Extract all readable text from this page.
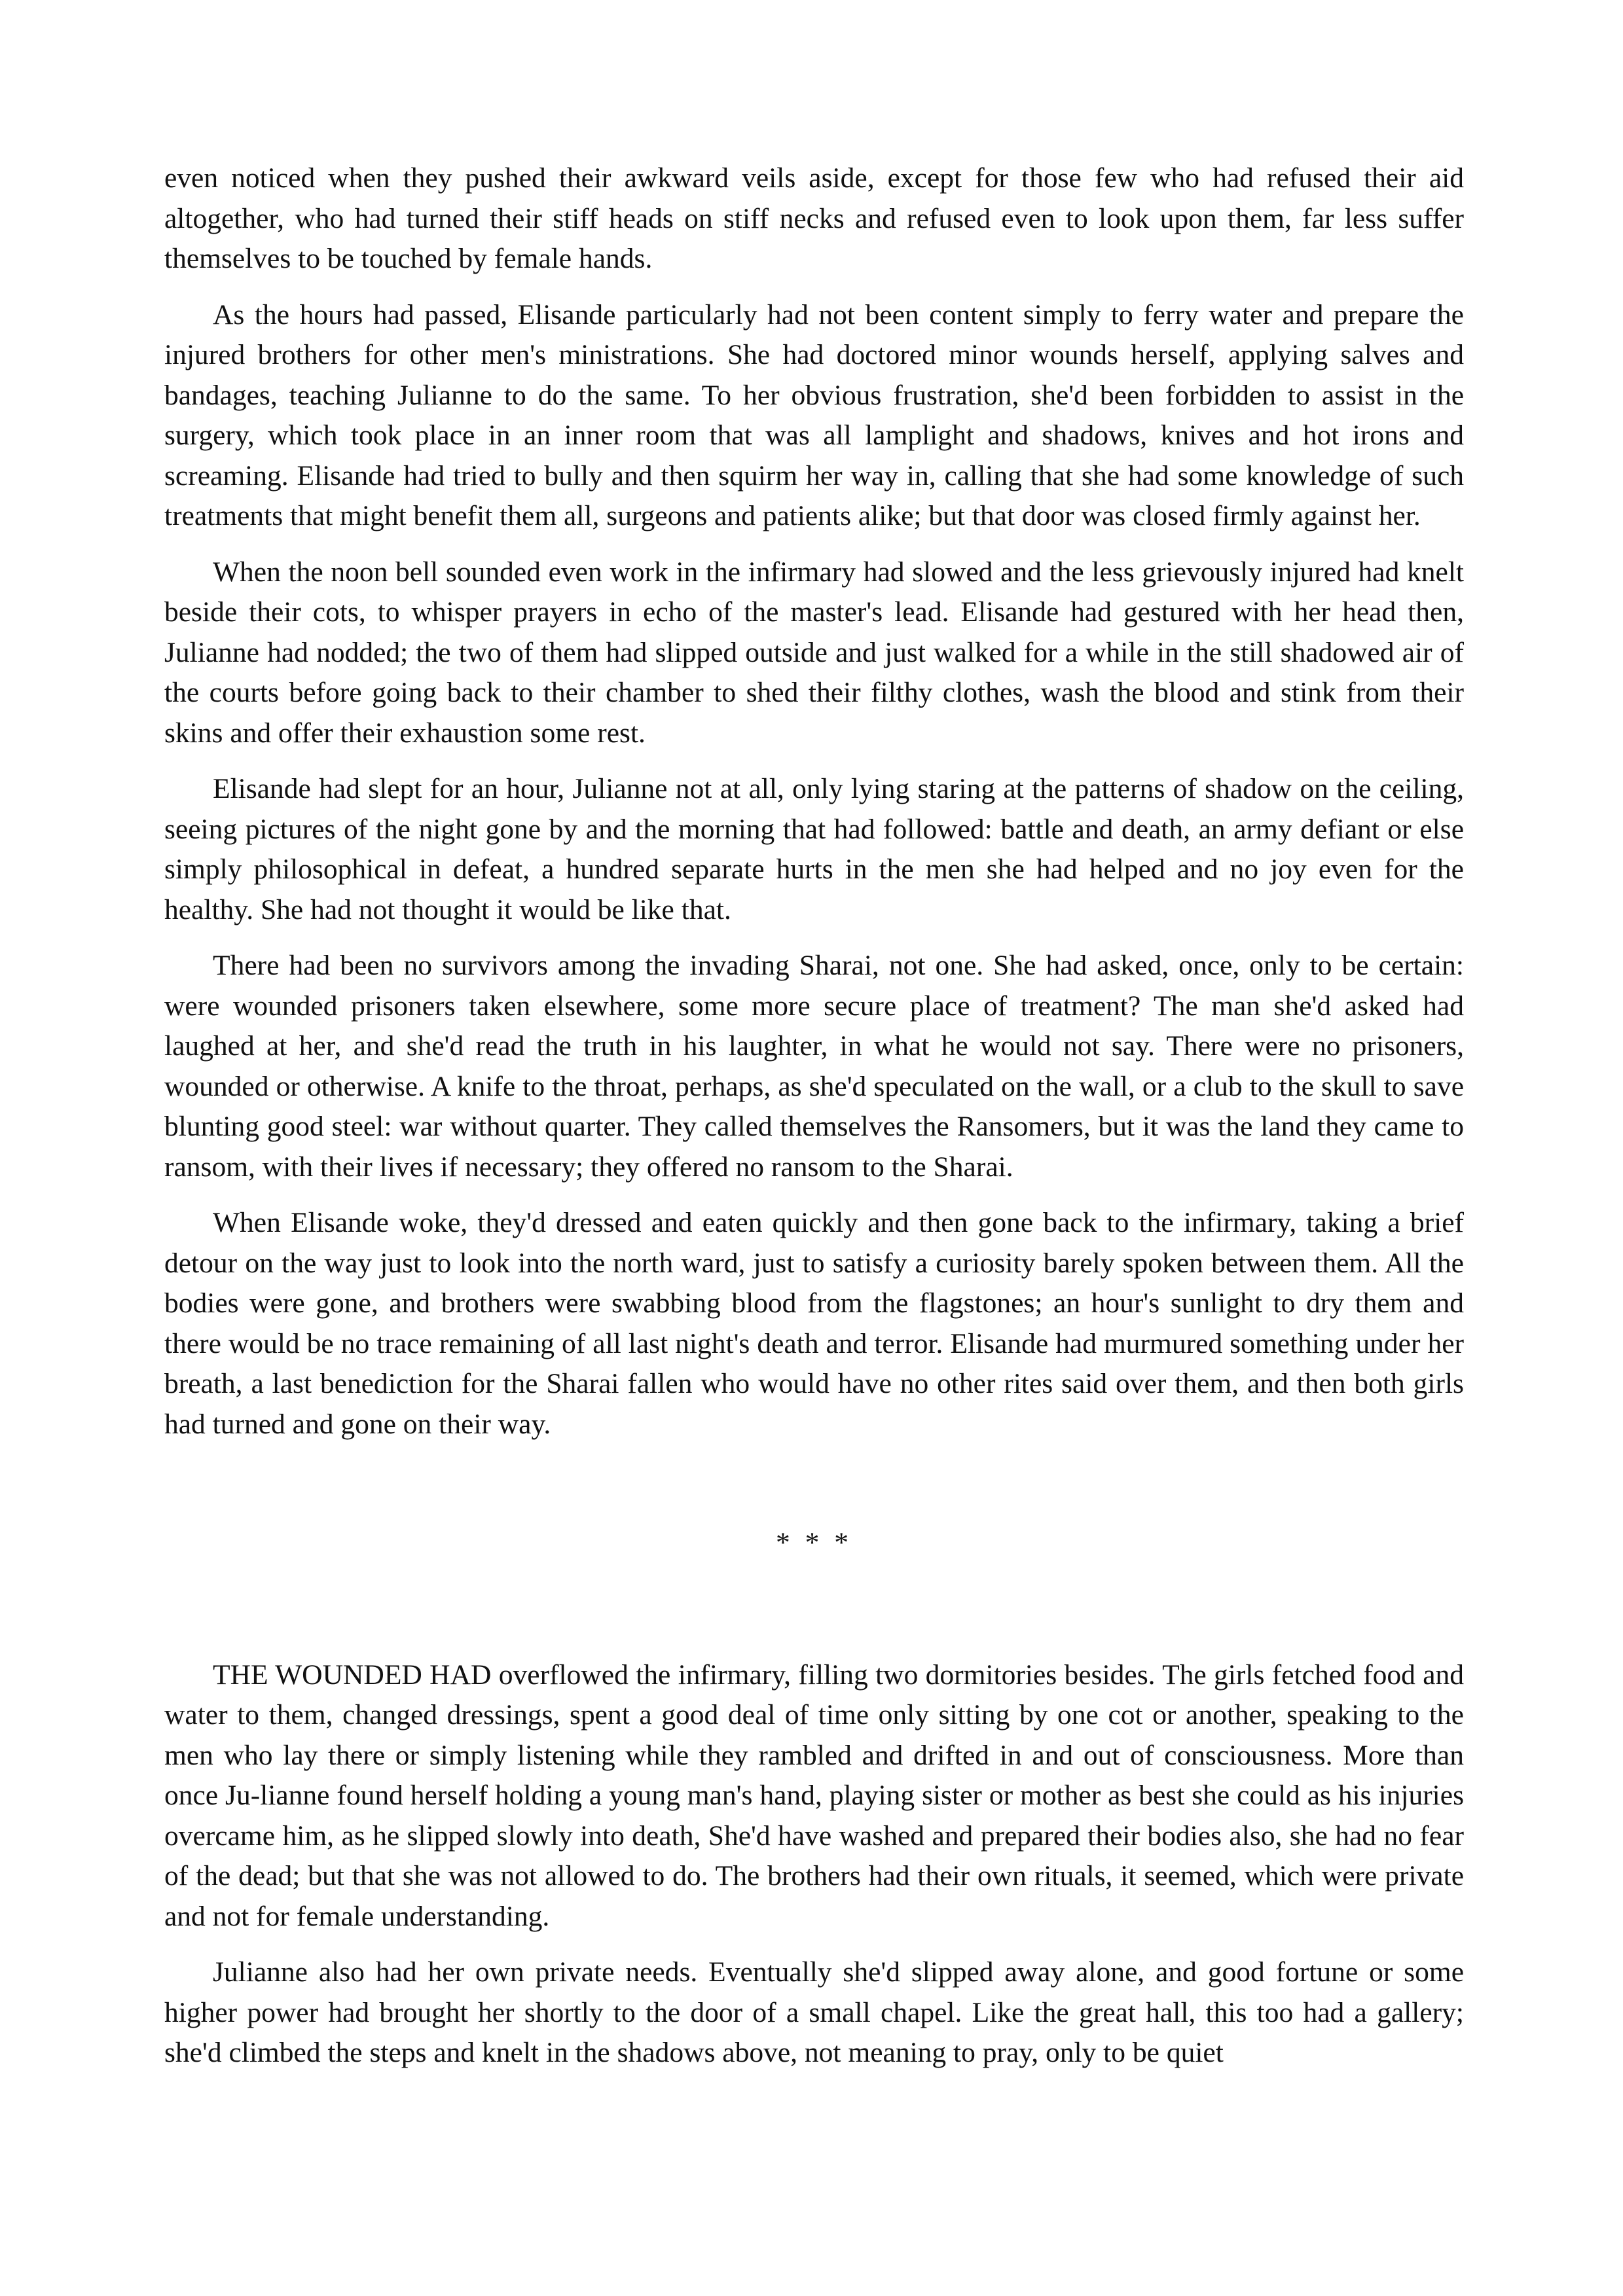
even noticed when they pushed their awkward veils aside, except for those few who had refused their aid altogether, who had turned their stiff heads on stiff necks and refused even to look upon them, far less suffer themselves to be touched by female hands.

As the hours had passed, Elisande particularly had not been content simply to ferry water and prepare the injured brothers for other men's ministrations. She had doctored minor wounds herself, applying salves and bandages, teaching Julianne to do the same. To her obvious frustration, she'd been forbidden to assist in the surgery, which took place in an inner room that was all lamplight and shadows, knives and hot irons and screaming. Elisande had tried to bully and then squirm her way in, calling that she had some knowledge of such treatments that might benefit them all, surgeons and patients alike; but that door was closed firmly against her.

When the noon bell sounded even work in the infirmary had slowed and the less grievously injured had knelt beside their cots, to whisper prayers in echo of the master's lead. Elisande had gestured with her head then, Julianne had nodded; the two of them had slipped outside and just walked for a while in the still shadowed air of the courts before going back to their chamber to shed their filthy clothes, wash the blood and stink from their skins and offer their exhaustion some rest.

Elisande had slept for an hour, Julianne not at all, only lying staring at the patterns of shadow on the ceiling, seeing pictures of the night gone by and the morning that had followed: battle and death, an army defiant or else simply philosophical in defeat, a hundred separate hurts in the men she had helped and no joy even for the healthy. She had not thought it would be like that.

There had been no survivors among the invading Sharai, not one. She had asked, once, only to be certain: were wounded prisoners taken elsewhere, some more secure place of treatment? The man she'd asked had laughed at her, and she'd read the truth in his laughter, in what he would not say. There were no prisoners, wounded or otherwise. A knife to the throat, perhaps, as she'd speculated on the wall, or a club to the skull to save blunting good steel: war without quarter. They called themselves the Ransomers, but it was the land they came to ransom, with their lives if necessary; they offered no ransom to the Sharai.

When Elisande woke, they'd dressed and eaten quickly and then gone back to the infirmary, taking a brief detour on the way just to look into the north ward, just to satisfy a curiosity barely spoken between them. All the bodies were gone, and brothers were swabbing blood from the flagstones; an hour's sunlight to dry them and there would be no trace remaining of all last night's death and terror. Elisande had murmured something under her breath, a last benediction for the Sharai fallen who would have no other rites said over them, and then both girls had turned and gone on their way.

* * *

THE WOUNDED HAD overflowed the infirmary, filling two dormitories besides. The girls fetched food and water to them, changed dressings, spent a good deal of time only sitting by one cot or another, speaking to the men who lay there or simply listening while they rambled and drifted in and out of consciousness. More than once Ju-lianne found herself holding a young man's hand, playing sister or mother as best she could as his injuries overcame him, as he slipped slowly into death, She'd have washed and prepared their bodies also, she had no fear of the dead; but that she was not allowed to do. The brothers had their own rituals, it seemed, which were private and not for female understanding.

Julianne also had her own private needs. Eventually she'd slipped away alone, and good fortune or some higher power had brought her shortly to the door of a small chapel. Like the great hall, this too had a gallery; she'd climbed the steps and knelt in the shadows above, not meaning to pray, only to be quiet
